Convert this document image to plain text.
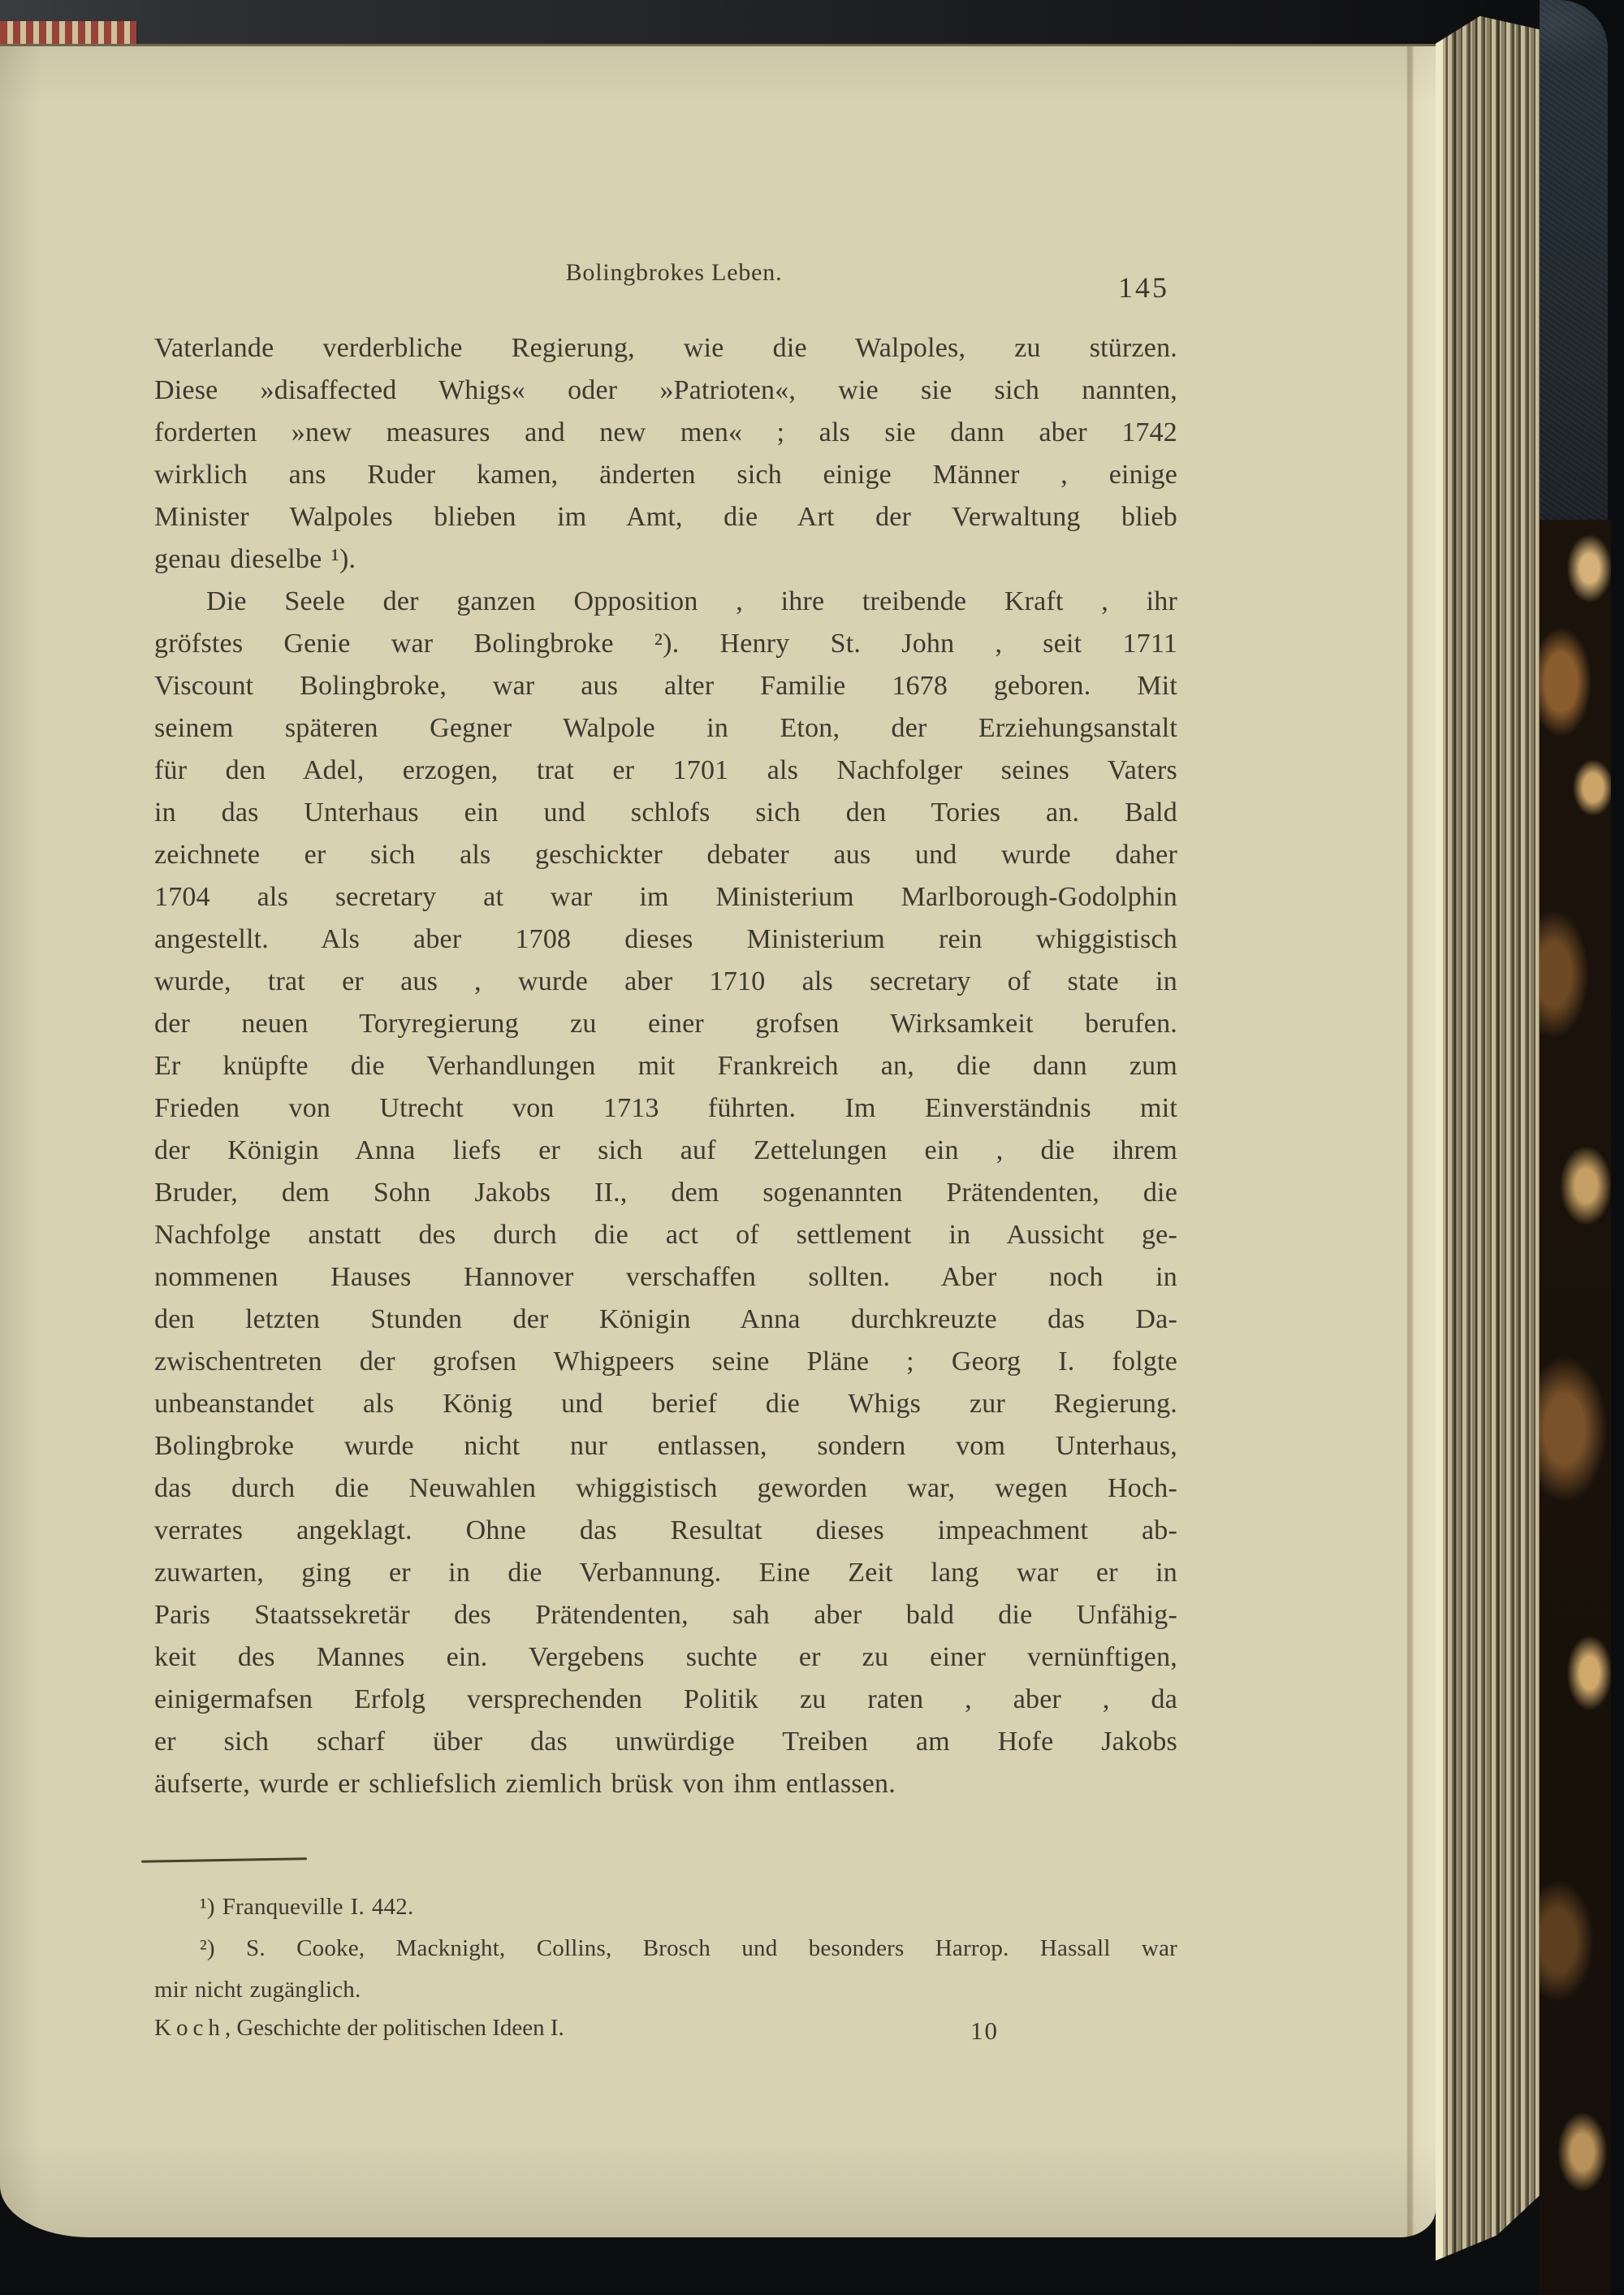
Bolingbrokes Leben.	145
Vaterlande verderbliche Regierung, wie die Walpoles, zu stürzen.
Diese »disaffected Whigs« oder »Patrioten«, wie sie sich nannten,
forderten »new measures and new men« ; als sie dann aber 1742
wirklich ans Ruder kamen, änderten sich einige Männer , einige
Minister Walpoles blieben im Amt, die Art der Verwaltung blieb
genau dieselbe ¹).
Die Seele der ganzen Opposition , ihre treibende Kraft , ihr
gröfstes Genie war Bolingbroke ²). Henry St. John , seit 1711
Viscount Bolingbroke, war aus alter Familie 1678 geboren. Mit
seinem späteren Gegner Walpole in Eton, der Erziehungsanstalt
für den Adel, erzogen, trat er 1701 als Nachfolger seines Vaters
in das Unterhaus ein und schlofs sich den Tories an. Bald
zeichnete er sich als geschickter debater aus und wurde daher
1704 als secretary at war im Ministerium Marlborough-Godolphin
angestellt. Als aber 1708 dieses Ministerium rein whiggistisch
wurde, trat er aus , wurde aber 1710 als secretary of state in
der neuen Toryregierung zu einer grofsen Wirksamkeit berufen.
Er knüpfte die Verhandlungen mit Frankreich an, die dann zum
Frieden von Utrecht von 1713 führten. Im Einverständnis mit
der Königin Anna liefs er sich auf Zettelungen ein , die ihrem
Bruder, dem Sohn Jakobs II., dem sogenannten Prätendenten, die
Nachfolge anstatt des durch die act of settlement in Aussicht ge-
nommenen Hauses Hannover verschaffen sollten. Aber noch in
den letzten Stunden der Königin Anna durchkreuzte das Da-
zwischentreten der grofsen Whigpeers seine Pläne ; Georg I. folgte
unbeanstandet als König und berief die Whigs zur Regierung.
Bolingbroke wurde nicht nur entlassen, sondern vom Unterhaus,
das durch die Neuwahlen whiggistisch geworden war, wegen Hoch-
verrates angeklagt. Ohne das Resultat dieses impeachment ab-
zuwarten, ging er in die Verbannung. Eine Zeit lang war er in
Paris Staatssekretär des Prätendenten, sah aber bald die Unfähig-
keit des Mannes ein. Vergebens suchte er zu einer vernünftigen,
einigermafsen Erfolg versprechenden Politik zu raten , aber , da
er sich scharf über das unwürdige Treiben am Hofe Jakobs
äufserte, wurde er schliefslich ziemlich brüsk von ihm entlassen.
¹) Franqueville I. 442.
²) S. Cooke, Macknight, Collins, Brosch und besonders Harrop. Hassall war
mir nicht zugänglich.
Koch, Geschichte der politischen Ideen I.	10
